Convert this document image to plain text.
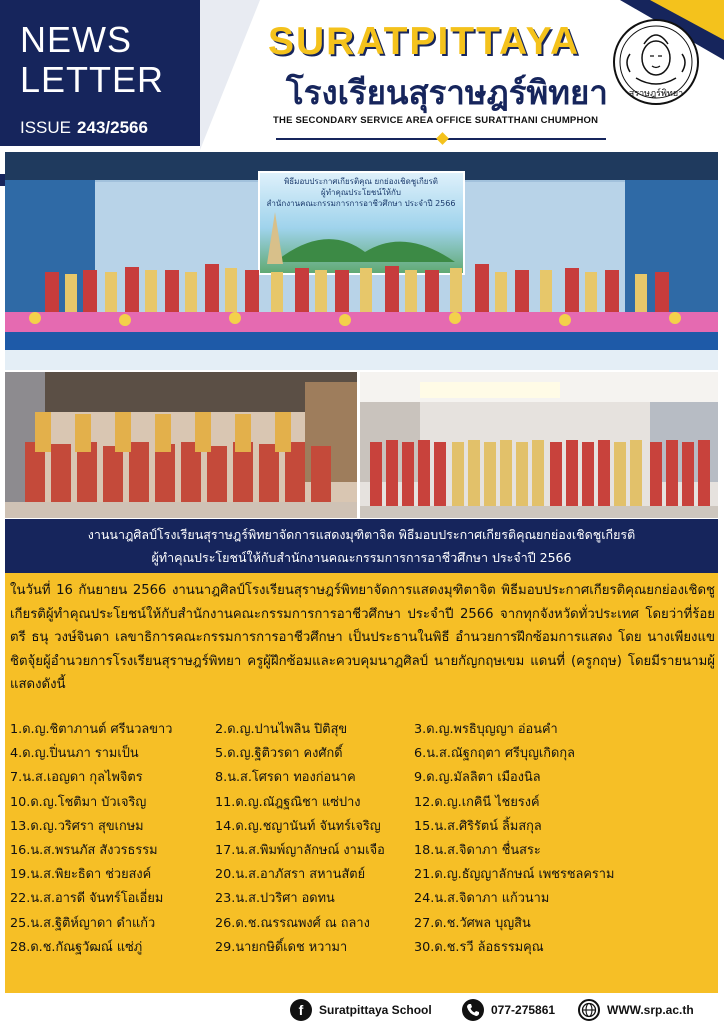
NEWS
LETTER
ISSUE 243/2566
SURATPITTAYA
โรงเรียนสุราษฎร์พิทยา
THE SECONDARY SERVICE AREA OFFICE SURATTHANI CHUMPHON
สุราษฎร์พิทยา
พิธีมอบประกาศเกียรติคุณ ยกย่องเชิดชูเกียรติ
ผู้ทำคุณประโยชน์ให้กับ
สำนักงานคณะกรรมการการอาชีวศึกษา ประจำปี 2566
งานนาฎศิลป์โรงเรียนสุราษฎร์พิทยาจัดการแสดงมุฑิตาจิต พิธีมอบประกาศเกียรติคุณยกย่องเชิดชูเกียรติ
ผู้ทำคุณประโยชน์ให้กับสำนักงานคณะกรรมการการอาชีวศึกษา ประจำปี 2566
ในวันที่ 16 กันยายน 2566 งานนาฎศิลป์โรงเรียนสุราษฎร์พิทยาจัดการแสดงมุฑิตาจิต พิธีมอบประกาศเกียรติคุณยกย่องเชิดชูเกียรติผู้ทำคุณประโยชน์ให้กับสำนักงานคณะกรรมการการอาชีวศึกษา ประจำปี 2566 จากทุกจังหวัดทั่วประเทศ โดยว่าที่ร้อยตรี ธนุ วงษ์จินดา เลขาธิการคณะกรรมการการอาชีวศึกษา เป็นประธานในพิธี อำนวยการฝึกซ้อมการแสดง โดย นางเพียงแข ชิตจุ้ยผู้อำนวยการโรงเรียนสุราษฎร์พิทยา ครูผู้ฝึกซ้อมและควบคุมนาฎศิลป์ นายกัญกฤษเขม แดนที่ (ครูกฤษ) โดยมีรายนามผู้แสดงดังนี้
1.ด.ญ.ชิตาภานต์ ศรีนวลขาว	2.ด.ญ.ปานไพลิน ปิติสุข	3.ด.ญ.พรธิบุญญา อ่อนคำ
4.ด.ญ.ปิ่นนภา รามเป็น	5.ด.ญ.ฐิติวรดา คงศักดิ์	6.น.ส.ณัฐกฤตา ศรีบุญเกิดกุล
7.น.ส.เอญดา กุลไพจิตร	8.น.ส.โศรดา ทองก่อนาค	9.ด.ญ.มัลลิตา เมืองนิล
10.ด.ญ.โชติมา บัวเจริญ	11.ด.ญ.ณัฎฐณิชา แซ่ปาง	12.ด.ญ.เกคินี ไชยรงค์
13.ด.ญ.วริศรา สุขเกษม	14.ด.ญ.ชญานันท์ จันทร์เจริญ	15.น.ส.ศิริรัตน์ ลิ้มสกุล
16.น.ส.พรนภัส สังวรธรรม	17.น.ส.พิมพ์ญาลักษณ์ งามเจือ 18.น.ส.จิดาภา ชื่นสระ
19.น.ส.พิยะธิดา ช่วยสงค์	20.น.ส.อาภัสรา สหานสัตย์	21.ด.ญ.ธัญญาลักษณ์ เพชรชลคราม
22.น.ส.อารดี จันทร์โอเอี่ยม	23.น.ส.ปวริศา อดทน	24.น.ส.จิดาภา แก้วนาม
25.น.ส.ฐิติห์ญาดา ดำแก้ว	26.ด.ช.ณรรณพงศ์ ณ ถลาง	27.ด.ช.วัศพล บุญสิน
28.ด.ช.กัณฐวัฒณ์ แซ่ภู่	29.นายกษิดิ์เดช หวามา	30.ด.ช.รวี ล้อธรรมคุณ
f	Suratpittaya School	077-275861	WWW.srp.ac.th
